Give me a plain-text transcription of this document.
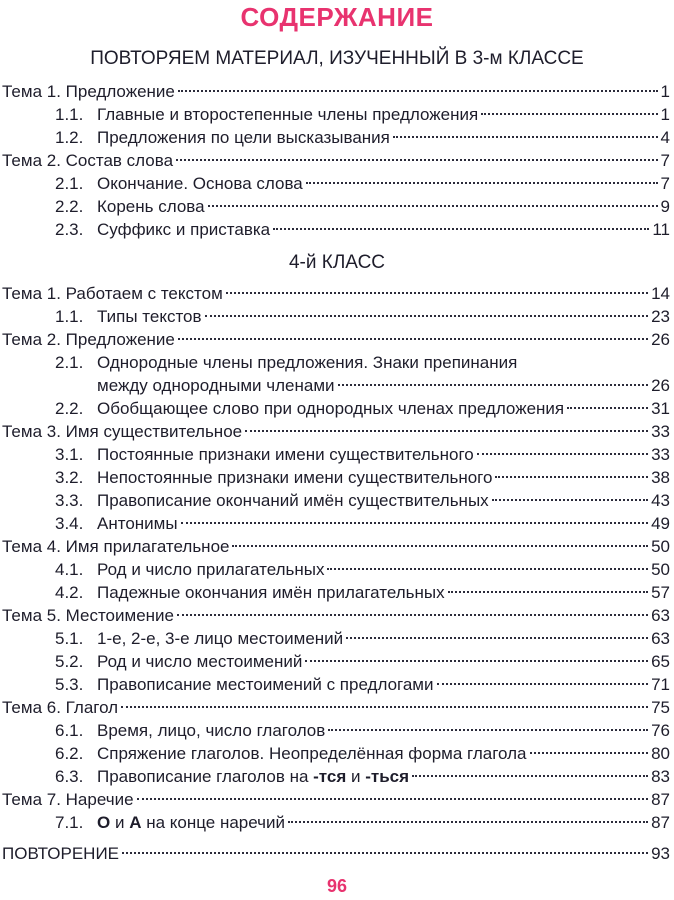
СОДЕРЖАНИЕ
ПОВТОРЯЕМ МАТЕРИАЛ, ИЗУЧЕННЫЙ В 3-м КЛАССЕ
Тема 1. Предложение	1
1.1. Главные и второстепенные члены предложения	1
1.2. Предложения по цели высказывания	4
Тема 2. Состав слова	7
2.1. Окончание. Основа слова	7
2.2. Корень слова	9
2.3. Суффикс и приставка	11
4-й КЛАСС
Тема 1. Работаем с текстом	14
1.1. Типы текстов	23
Тема 2. Предложение	26
2.1. Однородные члены предложения. Знаки препинания
между однородными членами	26
2.2. Обобщающее слово при однородных членах предложения	31
Тема 3. Имя существительное	33
3.1. Постоянные признаки имени существительного	33
3.2. Непостоянные признаки имени существительного	38
3.3. Правописание окончаний имён существительных	43
3.4. Антонимы	49
Тема 4. Имя прилагательное	50
4.1. Род и число прилагательных	50
4.2. Падежные окончания имён прилагательных	57
Тема 5. Местоимение	63
5.1. 1-е, 2-е, 3-е лицо местоимений	63
5.2. Род и число местоимений	65
5.3. Правописание местоимений с предлогами	71
Тема 6. Глагол	75
6.1. Время, лицо, число глаголов	76
6.2. Спряжение глаголов. Неопределённая форма глагола	80
6.3. Правописание глаголов на -тся и -ться	83
Тема 7. Наречие	87
7.1. О и А на конце наречий	87
ПОВТОРЕНИЕ	93
96
